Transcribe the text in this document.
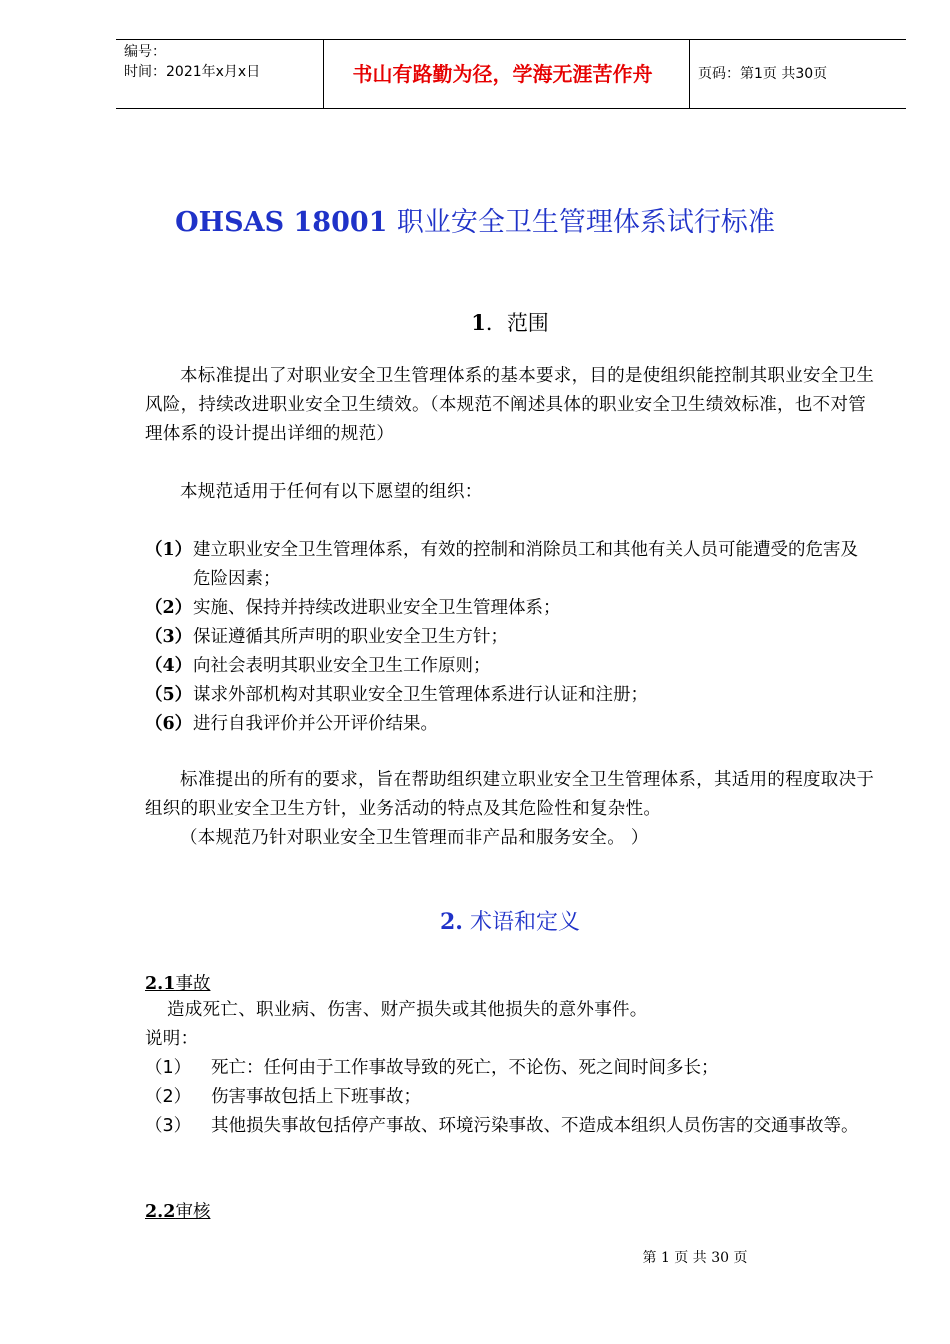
编号：
时间：2021年x月x日	书山有路勤为径，学海无涯苦作舟	页码：第1页 共30页
OHSAS 18001 职业安全卫生管理体系试行标准
1．范围
本标准提出了对职业安全卫生管理体系的基本要求，目的是使组织能控制其职业安全卫生风险，持续改进职业安全卫生绩效。（本规范不阐述具体的职业安全卫生绩效标准，也不对管理体系的设计提出详细的规范）
本规范适用于任何有以下愿望的组织：
（1） 建立职业安全卫生管理体系，有效的控制和消除员工和其他有关人员可能遭受的危害及危险因素；
（2） 实施、保持并持续改进职业安全卫生管理体系；
（3） 保证遵循其所声明的职业安全卫生方针；
（4） 向社会表明其职业安全卫生工作原则；
（5） 谋求外部机构对其职业安全卫生管理体系进行认证和注册；
（6） 进行自我评价并公开评价结果。
标准提出的所有的要求，旨在帮助组织建立职业安全卫生管理体系，其适用的程度取决于组织的职业安全卫生方针，业务活动的特点及其危险性和复杂性。
（本规范乃针对职业安全卫生管理而非产品和服务安全。 ）
2. 术语和定义
2.1事故
造成死亡、职业病、伤害、财产损失或其他损失的意外事件。
说明：
（1） 死亡：任何由于工作事故导致的死亡，不论伤、死之间时间多长；
（2） 伤害事故包括上下班事故；
（3） 其他损失事故包括停产事故、环境污染事故、不造成本组织人员伤害的交通事故等。
2.2审核
第 1 页 共 30 页
